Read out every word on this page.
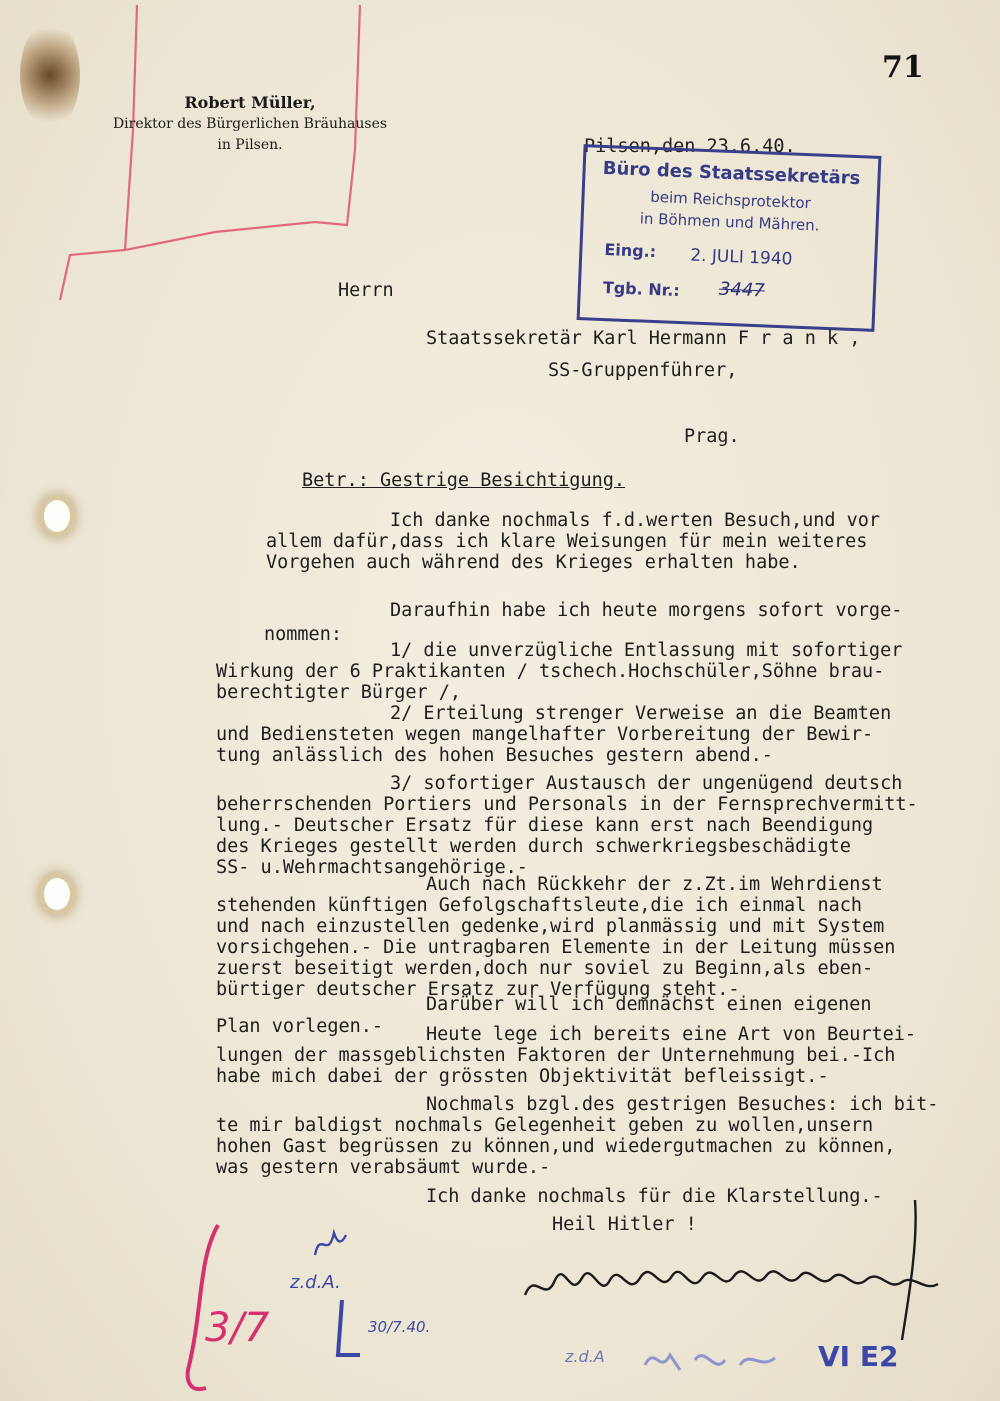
71
Robert Müller,
Direktor des Bürgerlichen Bräuhauses
in Pilsen.	Pilsen,den 23.6.40.
Büro des Staatssekretärs
beim Reichsprotektor
in Böhmen und Mähren.
Eing.: 2. JULI 1940
Tgb. Nr.: 3447
Herrn
Staatssekretär Karl Hermann F r a n k ,
SS-Gruppenführer,
Prag.
Betr.: Gestrige Besichtigung.
Ich danke nochmals f.d.werten Besuch,und vor
allem dafür,dass ich klare Weisungen für mein weiteres
Vorgehen auch während des Krieges erhalten habe.
Daraufhin habe ich heute morgens sofort vorge-
nommen:
1/ die unverzügliche Entlassung mit sofortiger
Wirkung der 6 Praktikanten / tschech.Hochschüler,Söhne brau-
berechtigter Bürger /,
2/ Erteilung strenger Verweise an die Beamten
und Bediensteten wegen mangelhafter Vorbereitung der Bewir-
tung anlässlich des hohen Besuches gestern abend.-
3/ sofortiger Austausch der ungenügend deutsch
beherrschenden Portiers und Personals in der Fernsprechvermitt-
lung.- Deutscher Ersatz für diese kann erst nach Beendigung
des Krieges gestellt werden durch schwerkriegsbeschädigte
SS- u.Wehrmachtsangehörige.-
Auch nach Rückkehr der z.Zt.im Wehrdienst
stehenden künftigen Gefolgschaftsleute,die ich einmal nach
und nach einzustellen gedenke,wird planmässig und mit System
vorsichgehen.- Die untragbaren Elemente in der Leitung müssen
zuerst beseitigt werden,doch nur soviel zu Beginn,als eben-
bürtiger deutscher Ersatz zur Verfügung steht.-
Darüber will ich demnächst einen eigenen
Plan vorlegen.- Heute lege ich bereits eine Art von Beurtei-
lungen der massgeblichsten Faktoren der Unternehmung bei.-Ich
habe mich dabei der grössten Objektivität befleissigt.-
Nochmals bzgl.des gestrigen Besuches: ich bit-
te mir baldigst nochmals Gelegenheit geben zu wollen,unsern
hohen Gast begrüssen zu können,und wiedergutmachen zu können,
was gestern verabsäumt wurde.-
Ich danke nochmals für die Klarstellung.-
Heil Hitler !
3/7
z.d.A.
30/7.40.
z.d.A	VI E2
